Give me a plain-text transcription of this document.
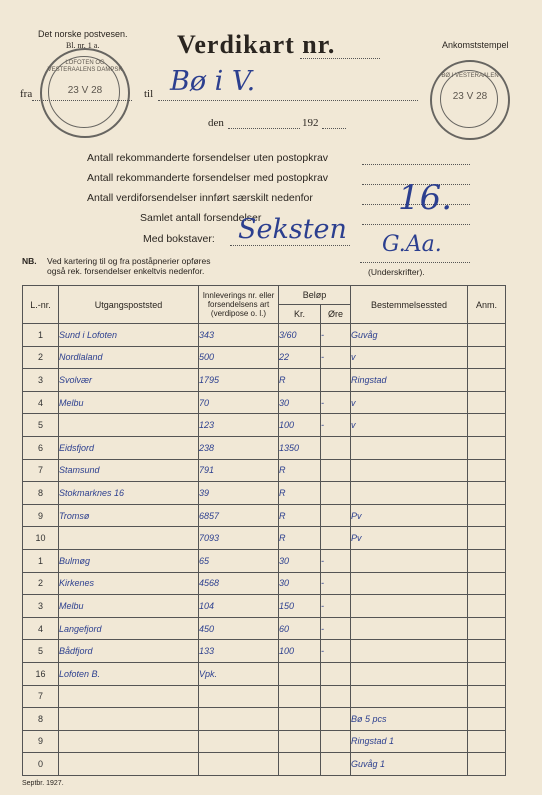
Det norske postvesen.
Bl. nr. 1 a.	Verdikart nr.	Ankomststempel
23 V 28
LOFOTEN OG VESTERAALENS DAMPSK
fra	til Bø i V.	23 V 28
BØ I VESTERAALEN
den	192
Antall rekommanderte forsendelser uten postopkrav
Antall rekommanderte forsendelser med postopkrav
Antall verdiforsendelser innført særskilt nedenfor
Samlet antall forsendelser
Med bokstaver:
16.
Seksten G.Aa.
(Underskrifter).
NB. Ved kartering til og fra poståpnerier opføres
også rek. forsendelser enkeltvis nedenfor.
L.-nr.	Utgangspoststed	Innleverings nr. eller forsendelsens art (verdipose o. l.)	Beløp		Bestemmelsessted	Anm.
			Kr.	Øre		
1	Sund i Lofoten	343	3/60	-	Guvåg	
2	Nordlaland	500	22	-	v	
3	Svolvær	1795	R		Ringstad	
4	Melbu	70	30	-	v	
5		123	100	-	v	
6	Eidsfjord	238	1350			
7	Stamsund	791	R			
8	Stokmarknes 16	39	R			
9	Tromsø	6857	R		Pv	
10		7093	R		Pv	
1	Bulmøg	65	30	-		
2	Kirkenes	4568	30	-		
3	Melbu	104	150	-		
4	Langefjord	450	60	-		
5	Bådfjord	133	100	-		
16	Lofoten B.	Vpk.				
7						
8					Bø 5 pcs	
9					Ringstad 1	
0					Guvåg 1	
Septbr. 1927.
